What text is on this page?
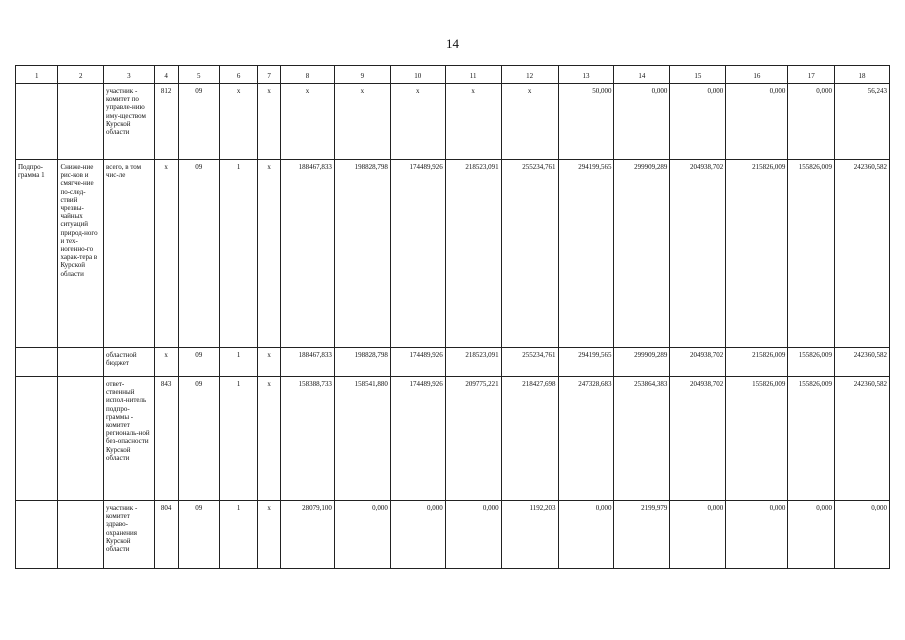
14
1	2	3	4	5	6	7	8	9	10	11	12	13	14	15	16	17	18
		участник - комитет по управле-нию иму-ществом Курской области	812	09	x	x	x	x	x	x	x	50,000	0,000	0,000	0,000	0,000	56,243
Подпро-грамма 1	Сниже-ние рис-ков и смягче-ние по-след-ствий чрезвы-чайных ситуаций природ-ного и тех-ногенно-го харак-тера в Курской области	всего, в том чис-ле	x	09	1	x	188467,833	198828,798	174489,926	218523,091	255234,761	294199,565	299909,289	204938,702	215826,009	155826,009	242360,582
		областной бюджет	x	09	1	x	188467,833	198828,798	174489,926	218523,091	255234,761	294199,565	299909,289	204938,702	215826,009	155826,009	242360,582
		ответ-ственный испол-нитель подпро-граммы - комитет региональ-ной без-опасности Курской области	843	09	1	x	158388,733	158541,880	174489,926	209775,221	218427,698	247328,683	253864,383	204938,702	155826,009	155826,009	242360,582
		участник - комитет здраво-охранения Курской области	804	09	1	x	28079,100	0,000	0,000	0,000	1192,203	0,000	2199,979	0,000	0,000	0,000	0,000
